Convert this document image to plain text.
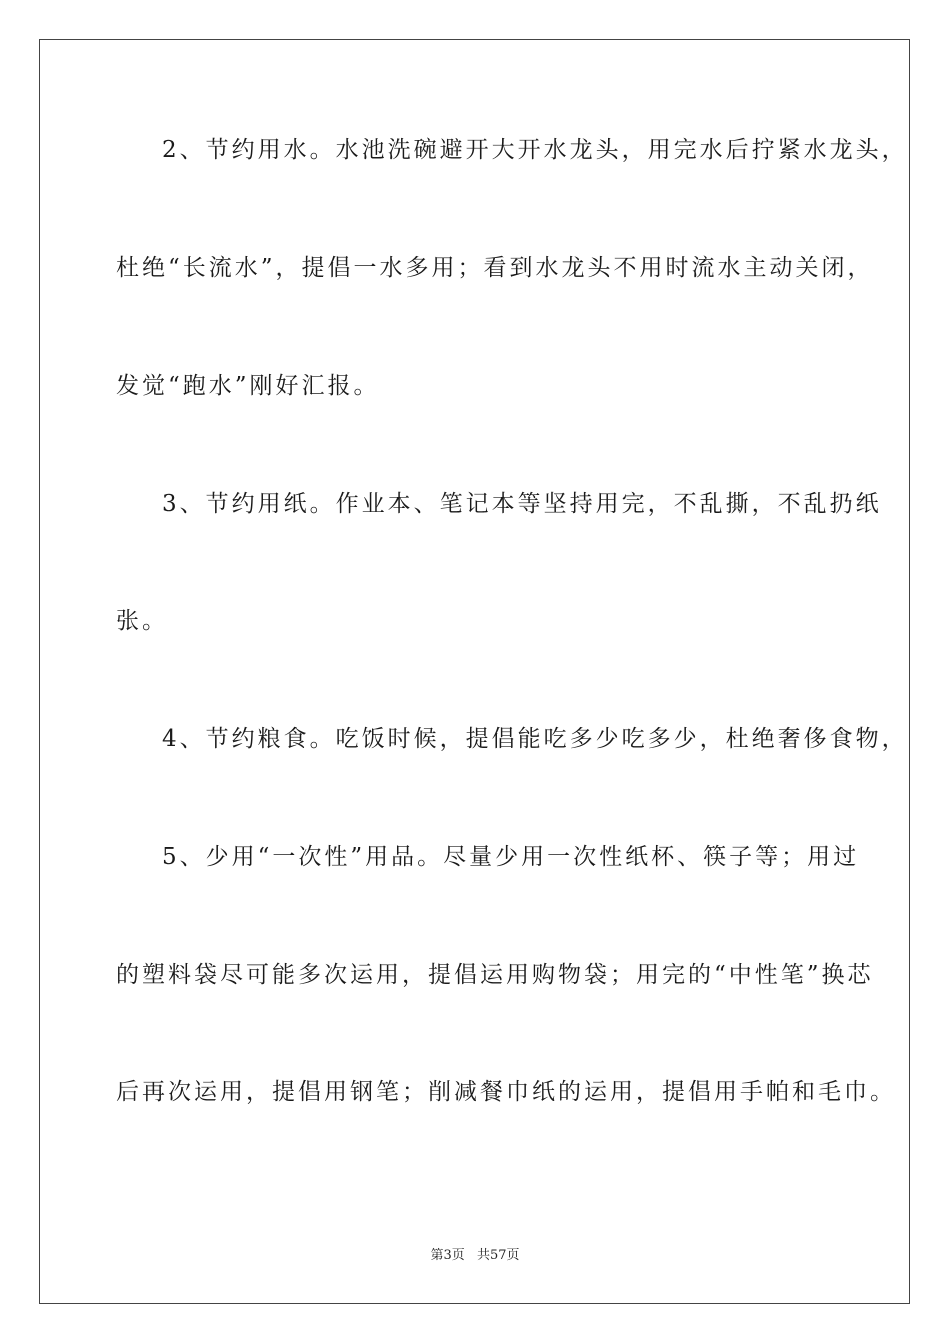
2、节约用水。水池洗碗避开大开水龙头，用完水后拧紧水龙头，
杜绝“长流水”，提倡一水多用；看到水龙头不用时流水主动关闭，
发觉“跑水”刚好汇报。
3、节约用纸。作业本、笔记本等坚持用完，不乱撕，不乱扔纸
张。
4、节约粮食。吃饭时候，提倡能吃多少吃多少，杜绝奢侈食物，
5、少用“一次性”用品。尽量少用一次性纸杯、筷子等；用过
的塑料袋尽可能多次运用，提倡运用购物袋；用完的“中性笔”换芯
后再次运用，提倡用钢笔；削减餐巾纸的运用，提倡用手帕和毛巾。
第3页 共57页
